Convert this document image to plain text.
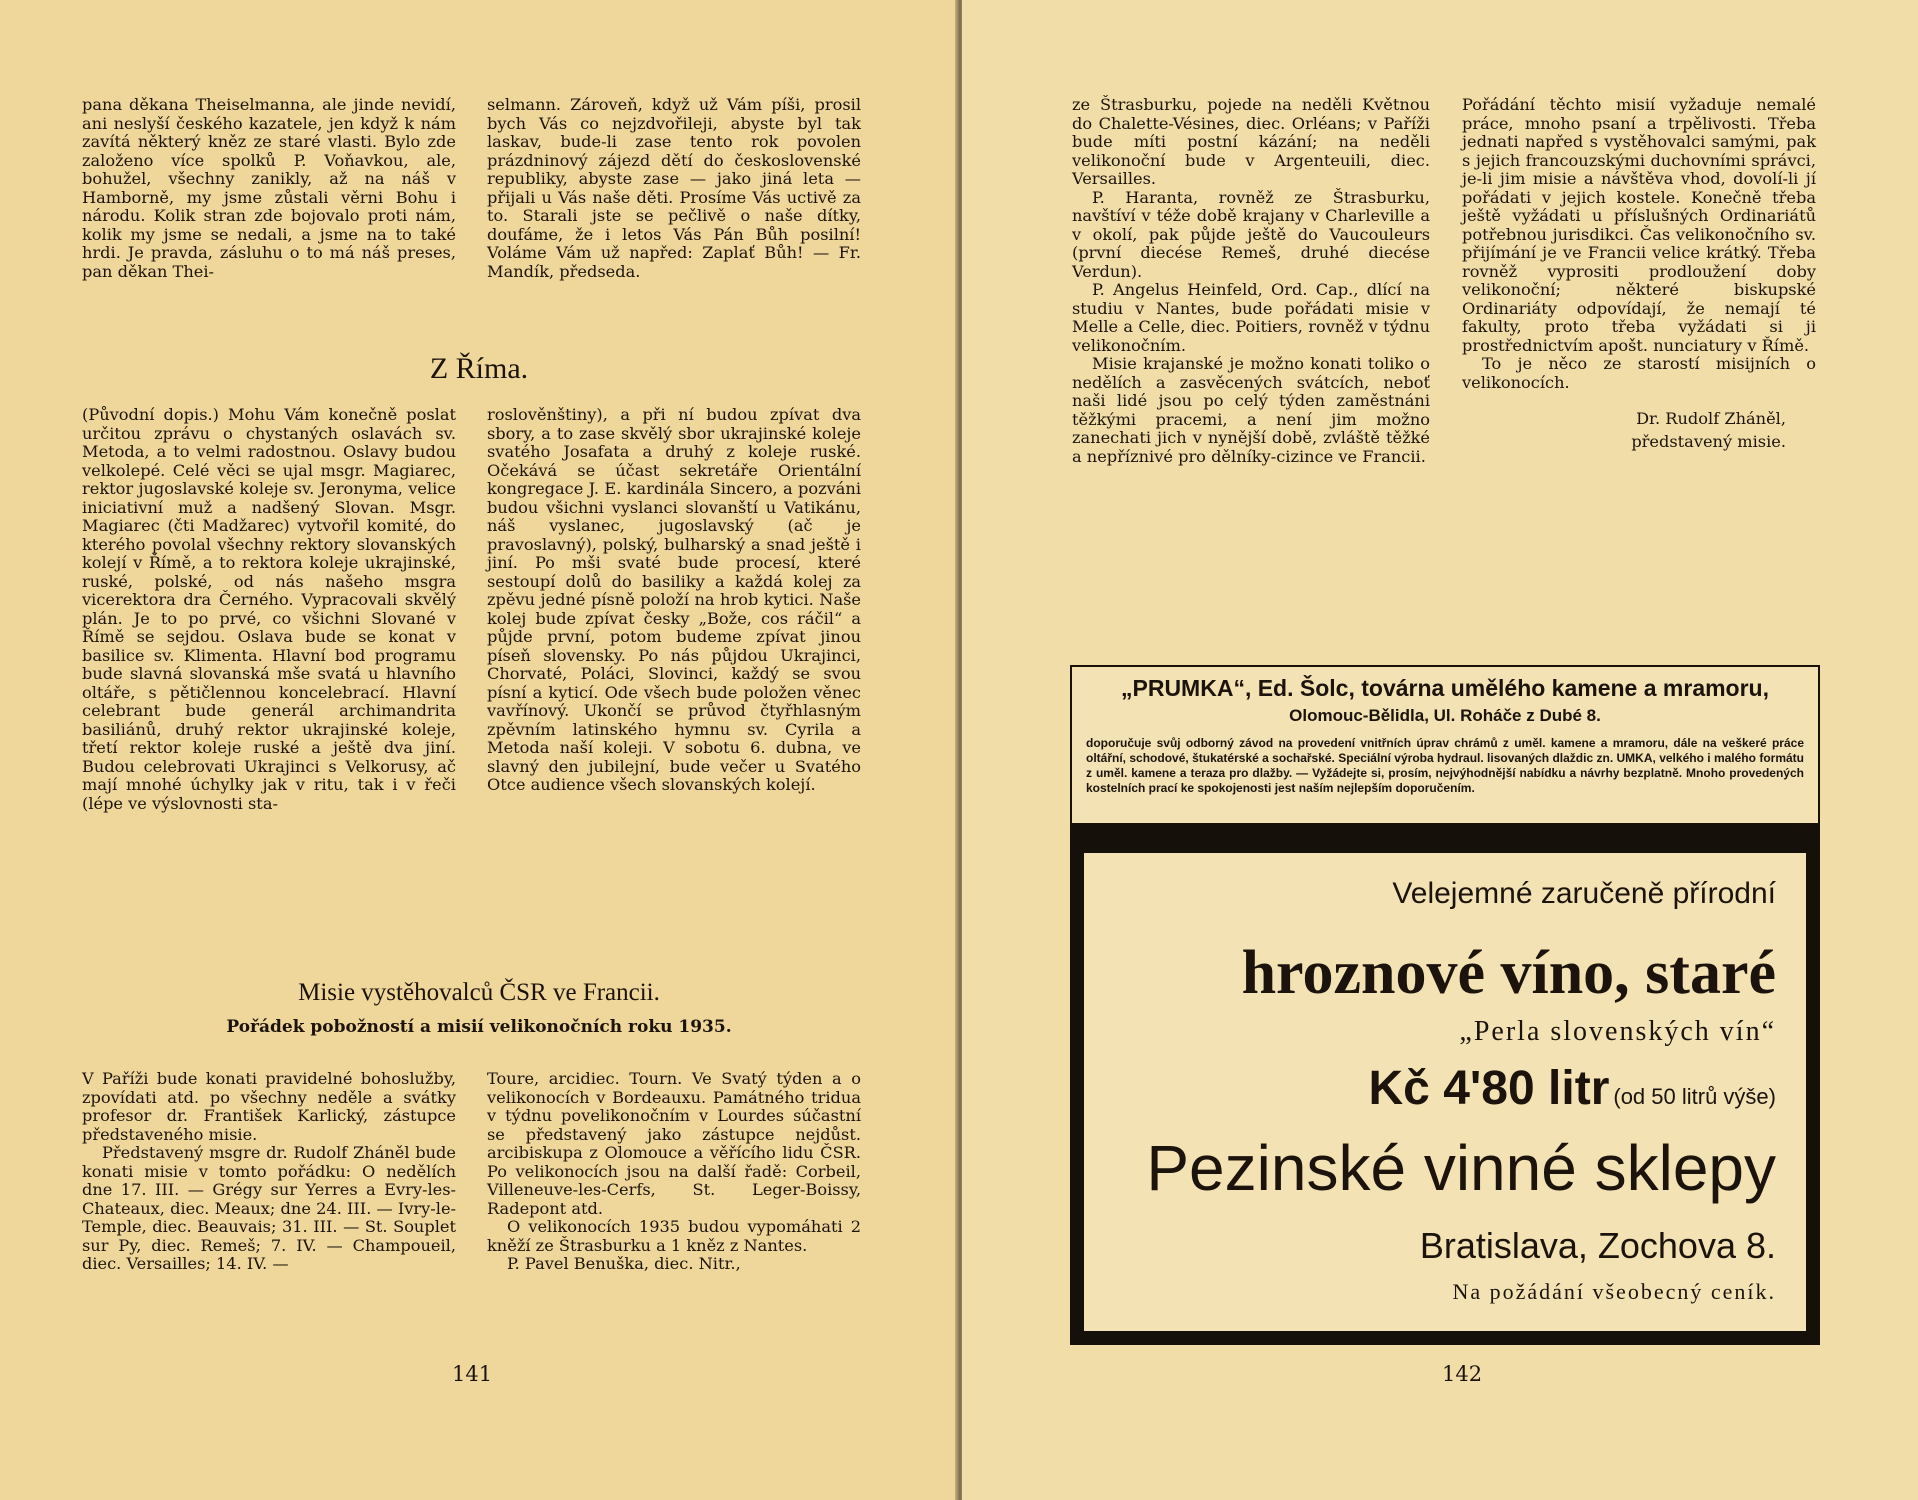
pana děkana Theiselmanna, ale jinde nevidí, ani neslyší českého kazatele, jen když k nám zavítá některý kněz ze staré vlasti. Bylo zde založeno více spolků P. Voňavkou, ale, bohužel, všechny zanikly, až na náš v Hamborně, my jsme zůstali věrni Bohu i národu. Kolik stran zde bojovalo proti nám, kolik my jsme se nedali, a jsme na to také hrdi. Je pravda, zásluhu o to má náš preses, pan děkan Thei-

selmann. Zároveň, když už Vám píši, prosil bych Vás co nejzdvořileji, abyste byl tak laskav, bude-li zase tento rok povolen prázdninový zájezd dětí do československé republiky, abyste zase — jako jiná leta — přijali u Vás naše děti. Prosíme Vás uctivě za to. Starali jste se pečlivě o naše dítky, doufáme, že i letos Vás Pán Bůh posilní! Voláme Vám už napřed: Zaplať Bůh! — Fr. Mandík, předseda.

Z Říma.

(Původní dopis.) Mohu Vám konečně poslat určitou zprávu o chystaných oslavách sv. Metoda, a to velmi radostnou. Oslavy budou velkolepé. Celé věci se ujal msgr. Magiarec, rektor jugoslavské koleje sv. Jeronyma, velice iniciativní muž a nadšený Slovan. Msgr. Magiarec (čti Madžarec) vytvořil komité, do kterého povolal všechny rektory slovanských kolejí v Římě, a to rektora koleje ukrajinské, ruské, polské, od nás našeho msgra vicerektora dra Černého. Vypracovali skvělý plán. Je to po prvé, co všichni Slované v Římě se sejdou. Oslava bude se konat v basilice sv. Klimenta. Hlavní bod programu bude slavná slovanská mše svatá u hlavního oltáře, s pětičlennou koncelebrací. Hlavní celebrant bude generál archimandrita basiliánů, druhý rektor ukrajinské koleje, třetí rektor koleje ruské a ještě dva jiní. Budou celebrovati Ukrajinci s Velkorusy, ač mají mnohé úchylky jak v ritu, tak i v řeči (lépe ve výslovnosti sta-

roslověnštiny), a při ní budou zpívat dva sbory, a to zase skvělý sbor ukrajinské koleje svatého Josafata a druhý z koleje ruské. Očekává se účast sekretáře Orientální kongregace J. E. kardinála Sincero, a pozváni budou všichni vyslanci slovanští u Vatikánu, náš vyslanec, jugoslavský (ač je pravoslavný), polský, bulharský a snad ještě i jiní. Po mši svaté bude procesí, které sestoupí dolů do basiliky a každá kolej za zpěvu jedné písně položí na hrob kytici. Naše kolej bude zpívat česky „Bože, cos ráčil“ a půjde první, potom budeme zpívat jinou píseň slovensky. Po nás půjdou Ukrajinci, Chorvaté, Poláci, Slovinci, každý se svou písní a kyticí. Ode všech bude položen věnec vavřínový. Ukončí se průvod čtyřhlasným zpěvním latinského hymnu sv. Cyrila a Metoda naší koleji. V sobotu 6. dubna, ve slavný den jubilejní, bude večer u Svatého Otce audience všech slovanských kolejí.

Misie vystěhovalců ČSR ve Francii.
Pořádek pobožností a misií velikonočních roku 1935.

V Paříži bude konati pravidelné bohoslužby, zpovídati atd. po všechny neděle a svátky profesor dr. František Karlický, zástupce představeného misie.

Představený msgre dr. Rudolf Zháněl bude konati misie v tomto pořádku: O nedělích dne 17. III. — Grégy sur Yerres a Evry-les-Chateaux, diec. Meaux; dne 24. III. — Ivry-le-Temple, diec. Beauvais; 31. III. — St. Souplet sur Py, diec. Remeš; 7. IV. — Champoueil, diec. Versailles; 14. IV. —

Toure, arcidiec. Tourn. Ve Svatý týden a o velikonocích v Bordeauxu. Památného tridua v týdnu povelikonočním v Lourdes súčastní se představený jako zástupce nejdůst. arcibiskupa z Olomouce a věřícího lidu ČSR. Po velikonocích jsou na další řadě: Corbeil, Villeneuve-les-Cerfs, St. Leger-Boissy, Radepont atd.

O velikonocích 1935 budou vypomáhati 2 kněží ze Štrasburku a 1 kněz z Nantes.

P. Pavel Benuška, diec. Nitr.,

141

ze Štrasburku, pojede na neděli Květnou do Chalette-Vésines, diec. Orléans; v Paříži bude míti postní kázání; na neděli velikonoční bude v Argenteuili, diec. Versailles.

P. Haranta, rovněž ze Štrasburku, navštíví v téže době krajany v Charleville a v okolí, pak půjde ještě do Vaucouleurs (první diecése Remeš, druhé diecése Verdun).

P. Angelus Heinfeld, Ord. Cap., dlící na studiu v Nantes, bude pořádati misie v Melle a Celle, diec. Poitiers, rovněž v týdnu velikonočním.

Misie krajanské je možno konati toliko o nedělích a zasvěcených svátcích, neboť naši lidé jsou po celý týden zaměstnáni těžkými pracemi, a není jim možno zanechati jich v nynější době, zvláště těžké a nepříznivé pro dělníky-cizince ve Francii.

Pořádání těchto misií vyžaduje nemalé práce, mnoho psaní a trpělivosti. Třeba jednati napřed s vystěhovalci samými, pak s jejich francouzskými duchovními správci, je-li jim misie a návštěva vhod, dovolí-li jí pořádati v jejich kostele. Konečně třeba ještě vyžádati u příslušných Ordinariátů potřebnou jurisdikci. Čas velikonočního sv. přijímání je ve Francii velice krátký. Třeba rovněž vyprositi prodloužení doby velikonoční; některé biskupské Ordinariáty odpovídají, že nemají té fakulty, proto třeba vyžádati si ji prostřednictvím apošt. nunciatury v Římě.

To je něco ze starostí misijních o velikonocích.

Dr. Rudolf Zháněl,
představený misie.
„PRUMKA“, Ed. Šolc, továrna umělého kamene a mramoru,
Olomouc-Bělidla, Ul. Roháče z Dubé 8.
doporučuje svůj odborný závod na provedení vnitřních úprav chrámů z uměl. kamene a mramoru, dále na veškeré práce oltářní, schodové, štukatérské a sochařské. Speciální výroba hydraul. lisovaných dlaždic zn. UMKA, velkého i malého formátu z uměl. kamene a teraza pro dlažby. — Vyžádejte si, prosím, nejvýhodnější nabídku a návrhy bezplatně. Mnoho provedených kostelních prací ke spokojenosti jest naším nejlepším doporučením.
Velejemné zaručeně přírodní
hroznové víno, staré
„Perla slovenských vín“
Kč 4'80 litr (od 50 litrů výše)
Pezinské vinné sklepy
Bratislava, Zochova 8.
Na požádání všeobecný ceník.
142
